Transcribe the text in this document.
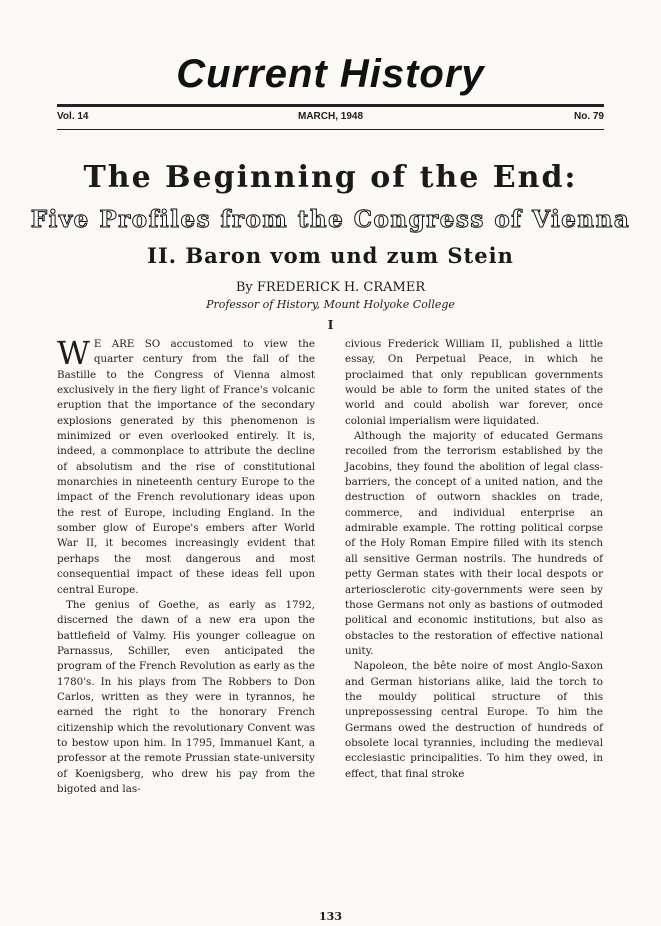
Current History
Vol. 14	MARCH, 1948	No. 79
The Beginning of the End:
Five Profiles from the Congress of Vienna
II. Baron vom und zum Stein
By FREDERICK H. CRAMER
Professor of History, Mount Holyoke College
I

W E ARE SO accustomed to view the quarter century from the fall of the Bastille to the Congress of Vienna almost exclusively in the fiery light of France's volcanic eruption that the importance of the secondary explosions generated by this phenomenon is minimized or even overlooked entirely. It is, indeed, a commonplace to attribute the decline of absolutism and the rise of constitutional monarchies in nineteenth century Europe to the impact of the French revolutionary ideas upon the rest of Europe, including England. In the somber glow of Europe's embers after World War II, it becomes increasingly evident that perhaps the most dangerous and most consequential impact of these ideas fell upon central Europe.

The genius of Goethe, as early as 1792, discerned the dawn of a new era upon the battlefield of Valmy. His younger colleague on Parnassus, Schiller, even anticipated the program of the French Revolution as early as the 1780's. In his plays from The Robbers to Don Carlos, written as they were in tyrannos, he earned the right to the honorary French citizenship which the revolutionary Convent was to bestow upon him. In 1795, Immanuel Kant, a professor at the remote Prussian state-university of Koenigsberg, who drew his pay from the bigoted and las-

civious Frederick William II, published a little essay, On Perpetual Peace, in which he proclaimed that only republican governments would be able to form the united states of the world and could abolish war forever, once colonial imperialism were liquidated.

Although the majority of educated Germans recoiled from the terrorism established by the Jacobins, they found the abolition of legal class-barriers, the concept of a united nation, and the destruction of outworn shackles on trade, commerce, and individual enterprise an admirable example. The rotting political corpse of the Holy Roman Empire filled with its stench all sensitive German nostrils. The hundreds of petty German states with their local despots or arteriosclerotic city-governments were seen by those Germans not only as bastions of outmoded political and economic institutions, but also as obstacles to the restoration of effective national unity.

Napoleon, the bête noire of most Anglo-Saxon and German historians alike, laid the torch to the mouldy political structure of this unprepossessing central Europe. To him the Germans owed the destruction of hundreds of obsolete local tyrannies, including the medieval ecclesiastic principalities. To him they owed, in effect, that final stroke

133
